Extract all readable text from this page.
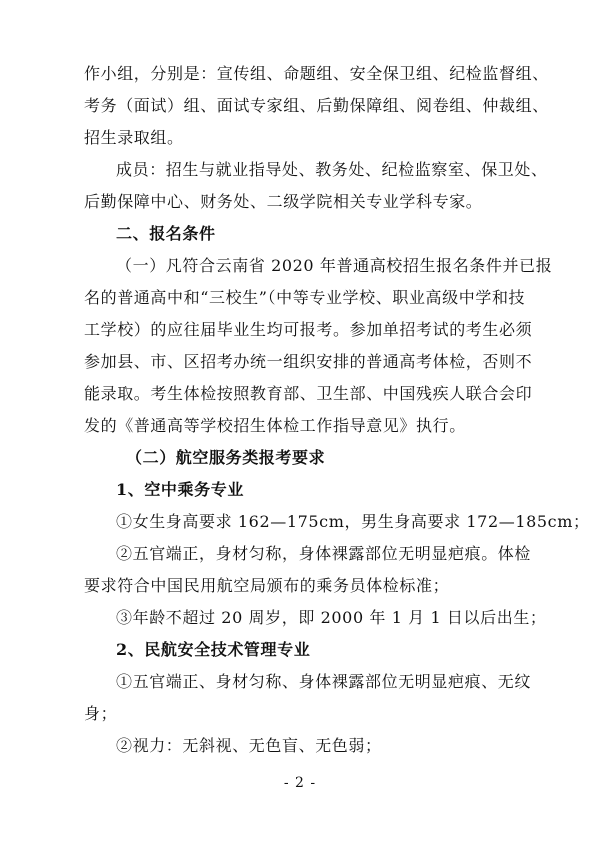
作小组，分别是：宣传组、命题组、安全保卫组、纪检监督组、
考务（面试）组、面试专家组、后勤保障组、阅卷组、仲裁组、
招生录取组。
成员：招生与就业指导处、教务处、纪检监察室、保卫处、
后勤保障中心、财务处、二级学院相关专业学科专家。
二、报名条件
（一）凡符合云南省 2020 年普通高校招生报名条件并已报
名的普通高中和“三校生”（中等专业学校、职业高级中学和技
工学校）的应往届毕业生均可报考。参加单招考试的考生必须
参加县、市、区招考办统一组织安排的普通高考体检，否则不
能录取。考生体检按照教育部、卫生部、中国残疾人联合会印
发的《普通高等学校招生体检工作指导意见》执行。
（二）航空服务类报考要求
1、空中乘务专业
①女生身高要求 162—175cm，男生身高要求 172—185cm；
②五官端正，身材匀称，身体裸露部位无明显疤痕。体检
要求符合中国民用航空局颁布的乘务员体检标准；
③年龄不超过 20 周岁，即 2000 年 1 月 1 日以后出生；
2、民航安全技术管理专业
①五官端正、身材匀称、身体裸露部位无明显疤痕、无纹
身；
②视力：无斜视、无色盲、无色弱；
- 2 -
